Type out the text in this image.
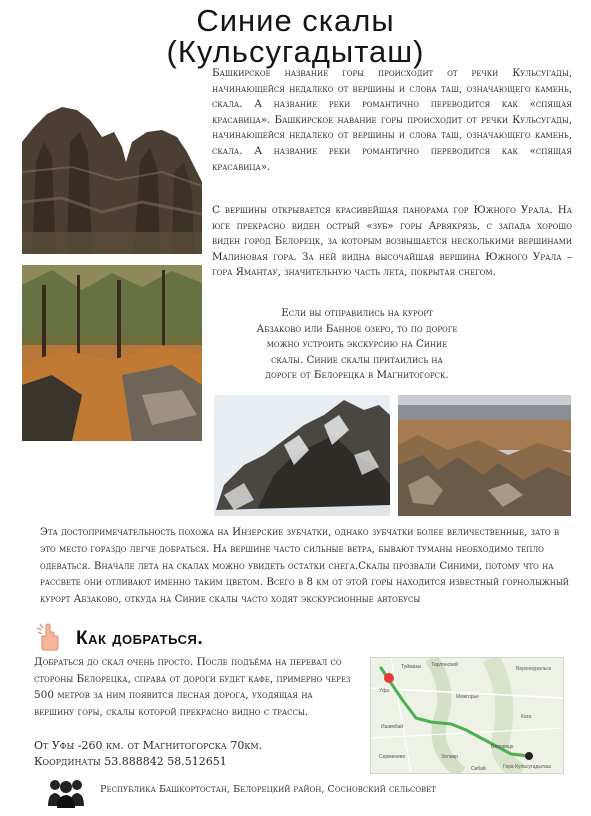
Синие скалы
(Кульсугадыташ)
Башкирское название горы происходит от речки Кульсугады, начинающейся недалеко от вершины и слова таш, означающего камень, скала. А название реки романтично переводится как «спящая красавица». Башкирское навание горы происходит от речки Кульсугады, начинающейся недалеко от вершины и слова таш, означающего камень, скала. А название реки романтично переводится как «спящая красавица».
С вершины открывается красивейшая панорама гор Южного Урала. На юге прекрасно виден острый «зуб» горы Арвякрязь, с запада хорошо виден город Белорецк, за которым возвышается несколькими вершинами Малиновая гора. За ней видна высочайшая вершина Южного Урала – гора Ямантау, значительную часть лета, покрытая снегом.
Если вы отправились на курорт
Абзаково или Банное озеро, то по дороге
можно устроить экскурсию на Синие
скалы. Синие скалы притаились на
дороге от Белорецка в Магнитогорск.
Эта достопримечательность похожа на Инзерские зубчатки, однако зубчатки более величественные, зато в это место гораздо легче добраться. На вершине часто сильные ветра, бывают туманы необходимо тепло одеваться. Вначале лета на скалах можно увидеть остатки снега.Скалы прозвали Синими, потому что на рассвете они отливают именно таким цветом. Всего в 8 км от этой горы находится известный горнолыжный курорт Абзаково, откуда на Синие скалы часто ходят экскурсионные автобусы
Как добраться.
Добраться до скал очень просто. После подъёма на перевал со стороны Белорецка, справа от дороги будет кафе, примерно через 500 метров за ним появится лесная дорога, уходящая на вершину горы, скалы которой прекрасно видно с трассы.
От Уфы -260 км. от Магнитогорска 70км.
Координаты 53.888842 58.512651
Уфа
Белорецк
Тирлянский
Кага
Верхнеуральск
Межгорье
Серменево	Зилаир
Гора Кульсугадыташ
Ишимбай
Сибай
Туймазы
Республика Башкортостан, Белорецкий район, Сосновский сельсовет
